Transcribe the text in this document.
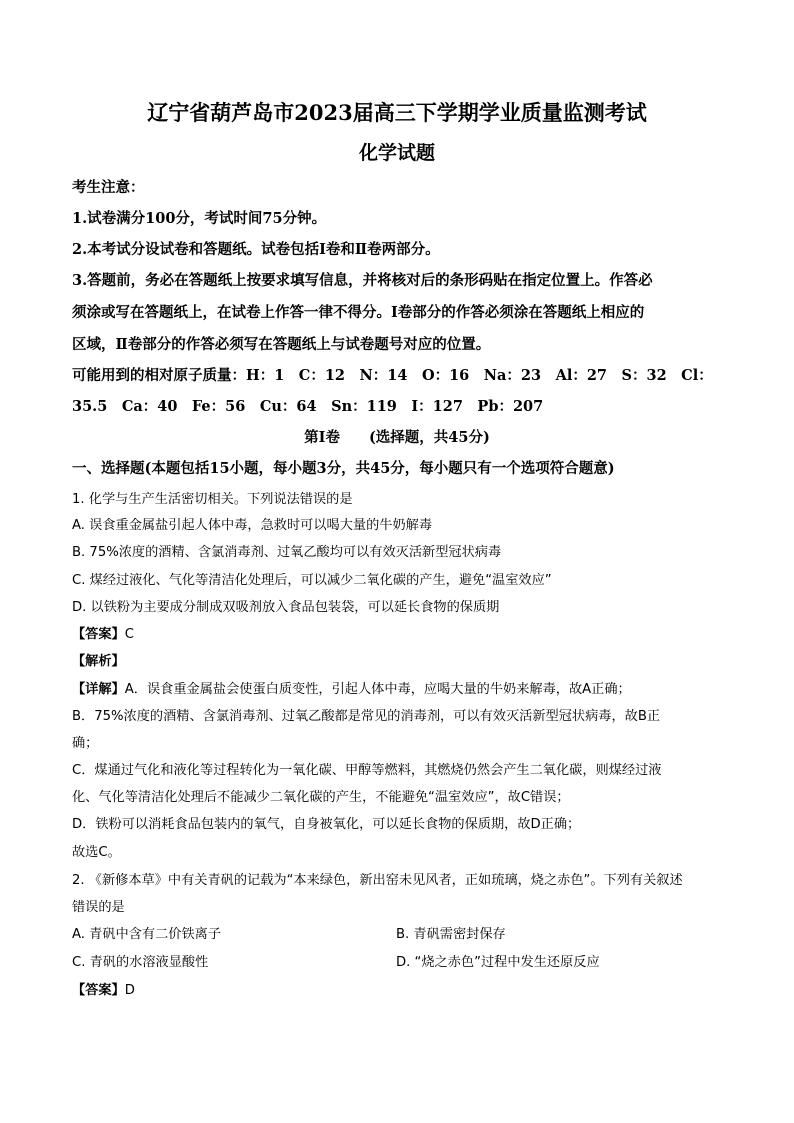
辽宁省葫芦岛市2023届高三下学期学业质量监测考试
化学试题
考生注意：
1.试卷满分100分，考试时间75分钟。
2.本考试分设试卷和答题纸。试卷包括I卷和Ⅱ卷两部分。
3.答题前，务必在答题纸上按要求填写信息，并将核对后的条形码贴在指定位置上。作答必
须涂或写在答题纸上，在试卷上作答一律不得分。I卷部分的作答必须涂在答题纸上相应的
区域，Ⅱ卷部分的作答必须写在答题纸上与试卷题号对应的位置。
可能用到的相对原子质量：H：1　C：12　N：14　O：16　Na：23　Al：27　S：32　Cl：
35.5　Ca：40　Fe：56　Cu：64　Sn：119　I：127　Pb：207
第I卷　　(选择题，共45分)
一、选择题(本题包括15小题，每小题3分，共45分，每小题只有一个选项符合题意)
1. 化学与生产生活密切相关。下列说法错误的是
A. 误食重金属盐引起人体中毒，急救时可以喝大量的牛奶解毒
B. 75%浓度的酒精、含氯消毒剂、过氧乙酸均可以有效灭活新型冠状病毒
C. 煤经过液化、气化等清洁化处理后，可以减少二氧化碳的产生，避免“温室效应”
D. 以铁粉为主要成分制成双吸剂放入食品包装袋，可以延长食物的保质期
【答案】C
【解析】
【详解】A．误食重金属盐会使蛋白质变性，引起人体中毒，应喝大量的牛奶来解毒，故A正确；
B．75%浓度的酒精、含氯消毒剂、过氧乙酸都是常见的消毒剂，可以有效灭活新型冠状病毒，故B正
确；
C．煤通过气化和液化等过程转化为一氧化碳、甲醇等燃料，其燃烧仍然会产生二氧化碳，则煤经过液
化、气化等清洁化处理后不能减少二氧化碳的产生，不能避免“温室效应”，故C错误；
D．铁粉可以消耗食品包装内的氧气，自身被氧化，可以延长食物的保质期，故D正确；
故选C。
2. 《新修本草》中有关青矾的记载为“本来绿色，新出窑未见风者，正如琉璃，烧之赤色”。下列有关叙述
错误的是
A. 青矾中含有二价铁离子	B. 青矾需密封保存
C. 青矾的水溶液显酸性	D. “烧之赤色”过程中发生还原反应
【答案】D
